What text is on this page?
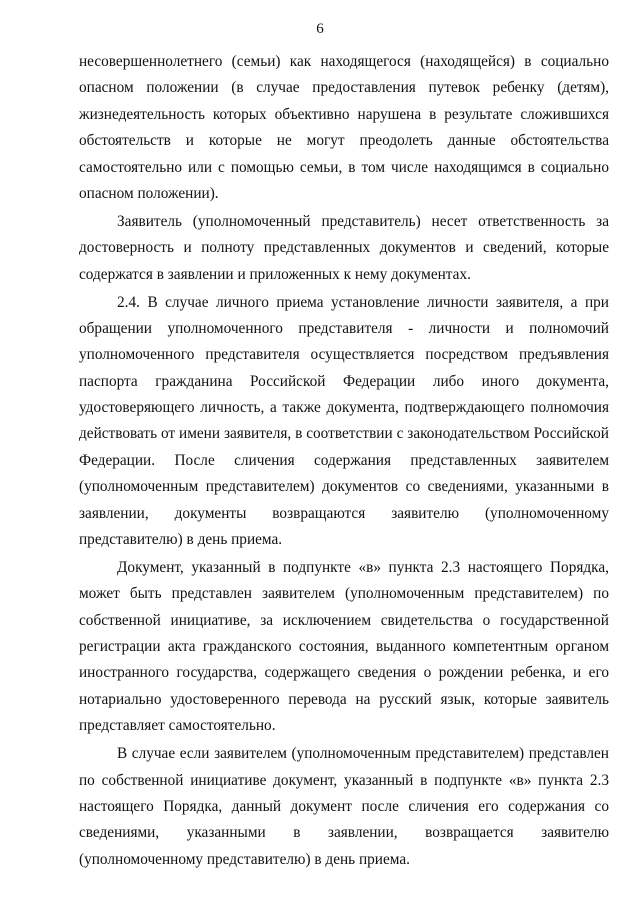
6
несовершеннолетнего (семьи) как находящегося (находящейся) в социально
опасном положении (в случае предоставления путевок ребенку (детям),
жизнедеятельность которых объективно нарушена в результате сложившихся
обстоятельств и которые не могут преодолеть данные обстоятельства
самостоятельно или с помощью семьи, в том числе находящимся в социально
опасном положении).
Заявитель (уполномоченный представитель) несет ответственность за
достоверность и полноту представленных документов и сведений, которые
содержатся в заявлении и приложенных к нему документах.
2.4. В случае личного приема установление личности заявителя, а при
обращении уполномоченного представителя - личности и полномочий
уполномоченного представителя осуществляется посредством предъявления
паспорта гражданина Российской Федерации либо иного документа,
удостоверяющего личность, а также документа, подтверждающего полномочия
действовать от имени заявителя, в соответствии с законодательством Российской
Федерации. После сличения содержания представленных заявителем
(уполномоченным представителем) документов со сведениями, указанными в
заявлении, документы возвращаются заявителю (уполномоченному
представителю) в день приема.
Документ, указанный в подпункте «в» пункта 2.3 настоящего Порядка,
может быть представлен заявителем (уполномоченным представителем) по
собственной инициативе, за исключением свидетельства о государственной
регистрации акта гражданского состояния, выданного компетентным органом
иностранного государства, содержащего сведения о рождении ребенка, и его
нотариально удостоверенного перевода на русский язык, которые заявитель
представляет самостоятельно.
В случае если заявителем (уполномоченным представителем) представлен
по собственной инициативе документ, указанный в подпункте «в» пункта 2.3
настоящего Порядка, данный документ после сличения его содержания со
сведениями, указанными в заявлении, возвращается заявителю
(уполномоченному представителю) в день приема.
